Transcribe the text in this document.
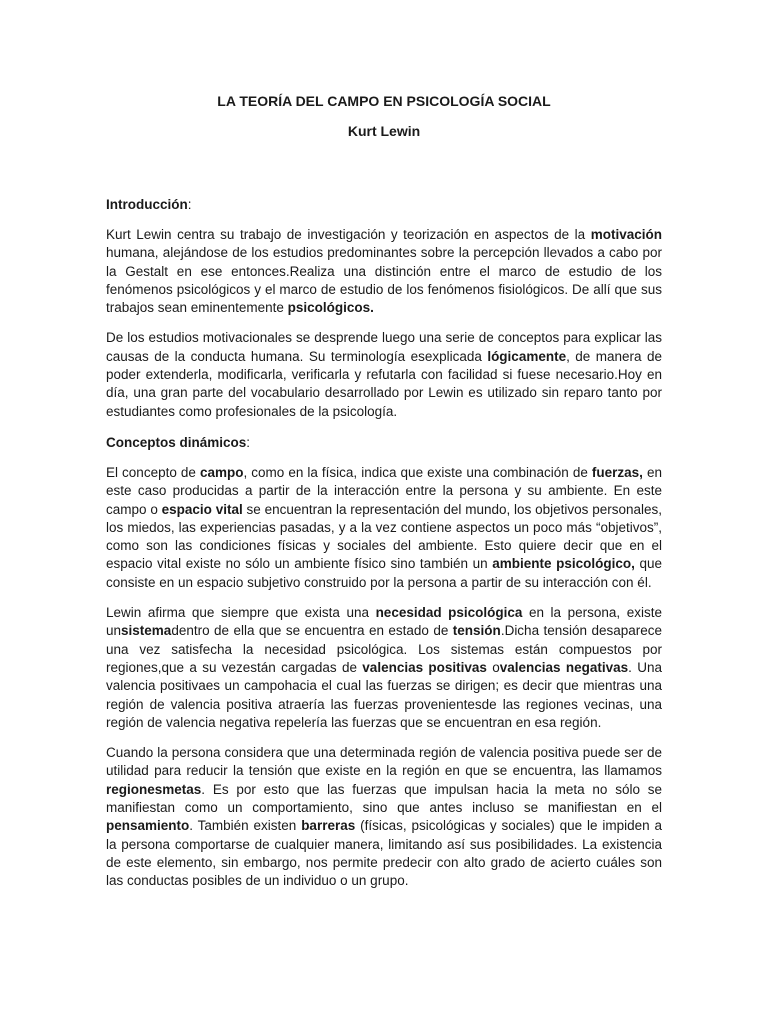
LA TEORÍA DEL CAMPO EN PSICOLOGÍA SOCIAL
Kurt Lewin
Introducción:

Kurt Lewin centra su trabajo de investigación y teorización en aspectos de la motivación humana, alejándose de los estudios predominantes sobre la percepción llevados a cabo por la Gestalt en ese entonces.Realiza una distinción entre el marco de estudio de los fenómenos psicológicos y el marco de estudio de los fenómenos fisiológicos. De allí que sus trabajos sean eminentemente psicológicos.

De los estudios motivacionales se desprende luego una serie de conceptos para explicar las causas de la conducta humana. Su terminología esexplicada lógicamente, de manera de poder extenderla, modificarla, verificarla y refutarla con facilidad si fuese necesario.Hoy en día, una gran parte del vocabulario desarrollado por Lewin es utilizado sin reparo tanto por estudiantes como profesionales de la psicología.

Conceptos dinámicos:

El concepto de campo, como en la física, indica que existe una combinación de fuerzas, en este caso producidas a partir de la interacción entre la persona y su ambiente. En este campo o espacio vital se encuentran la representación del mundo, los objetivos personales, los miedos, las experiencias pasadas, y a la vez contiene aspectos un poco más “objetivos”, como son las condiciones físicas y sociales del ambiente. Esto quiere decir que en el espacio vital existe no sólo un ambiente físico sino también un ambiente psicológico, que consiste en un espacio subjetivo construido por la persona a partir de su interacción con él.

Lewin afirma que siempre que exista una necesidad psicológica en la persona, existe unsistemadentro de ella que se encuentra en estado de tensión.Dicha tensión desaparece una vez satisfecha la necesidad psicológica. Los sistemas están compuestos por regiones,que a su vezestán cargadas de valencias positivas ovalencias negativas. Una valencia positivaes un campohacia el cual las fuerzas se dirigen; es decir que mientras una región de valencia positiva atraería las fuerzas provenientesde las regiones vecinas, una región de valencia negativa repelería las fuerzas que se encuentran en esa región.

Cuando la persona considera que una determinada región de valencia positiva puede ser de utilidad para reducir la tensión que existe en la región en que se encuentra, las llamamos regionesmetas. Es por esto que las fuerzas que impulsan hacia la meta no sólo se manifiestan como un comportamiento, sino que antes incluso se manifiestan en el pensamiento. También existen barreras (físicas, psicológicas y sociales) que le impiden a la persona comportarse de cualquier manera, limitando así sus posibilidades. La existencia de este elemento, sin embargo, nos permite predecir con alto grado de acierto cuáles son las conductas posibles de un individuo o un grupo.
